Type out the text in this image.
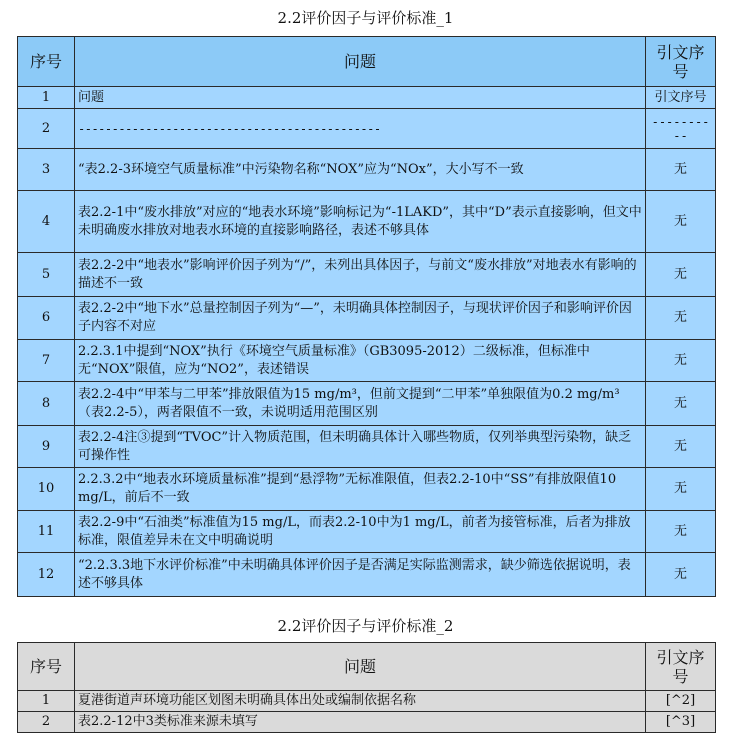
2.2评价因子与评价标准_1
序号	问题	引文序号
1	问题	引文序号
2	---------------------------------------------	----------
3	“表2.2-3环境空气质量标准”中污染物名称“NOX”应为“NOx”，大小写不一致	无
4	表2.2-1中“废水排放”对应的“地表水环境”影响标记为“-1LAKD”，其中“D”表示直接影响，但文中未明确废水排放对地表水环境的直接影响路径，表述不够具体	无
5	表2.2-2中“地表水”影响评价因子列为“/”，未列出具体因子，与前文“废水排放”对地表水有影响的描述不一致	无
6	表2.2-2中“地下水”总量控制因子列为“—”，未明确具体控制因子，与现状评价因子和影响评价因子内容不对应	无
7	2.2.3.1中提到“NOX”执行《环境空气质量标准》（GB3095-2012）二级标准，但标准中无“NOX”限值，应为“NO2”，表述错误	无
8	表2.2-4中“甲苯与二甲苯”排放限值为15 mg/m³，但前文提到“二甲苯”单独限值为0.2 mg/m³（表2.2-5），两者限值不一致，未说明适用范围区别	无
9	表2.2-4注③提到“TVOC”计入物质范围，但未明确具体计入哪些物质，仅列举典型污染物，缺乏可操作性	无
10	2.2.3.2中“地表水环境质量标准”提到“悬浮物”无标准限值，但表2.2-10中“SS”有排放限值10 mg/L，前后不一致	无
11	表2.2-9中“石油类”标准值为15 mg/L，而表2.2-10中为1 mg/L，前者为接管标准，后者为排放标准，限值差异未在文中明确说明	无
12	“2.2.3.3地下水评价标准”中未明确具体评价因子是否满足实际监测需求，缺少筛选依据说明，表述不够具体	无
2.2评价因子与评价标准_2
序号	问题	引文序号
1	夏港街道声环境功能区划图未明确具体出处或编制依据名称	[^2]
2	表2.2-12中3类标准来源未填写	[^3]
